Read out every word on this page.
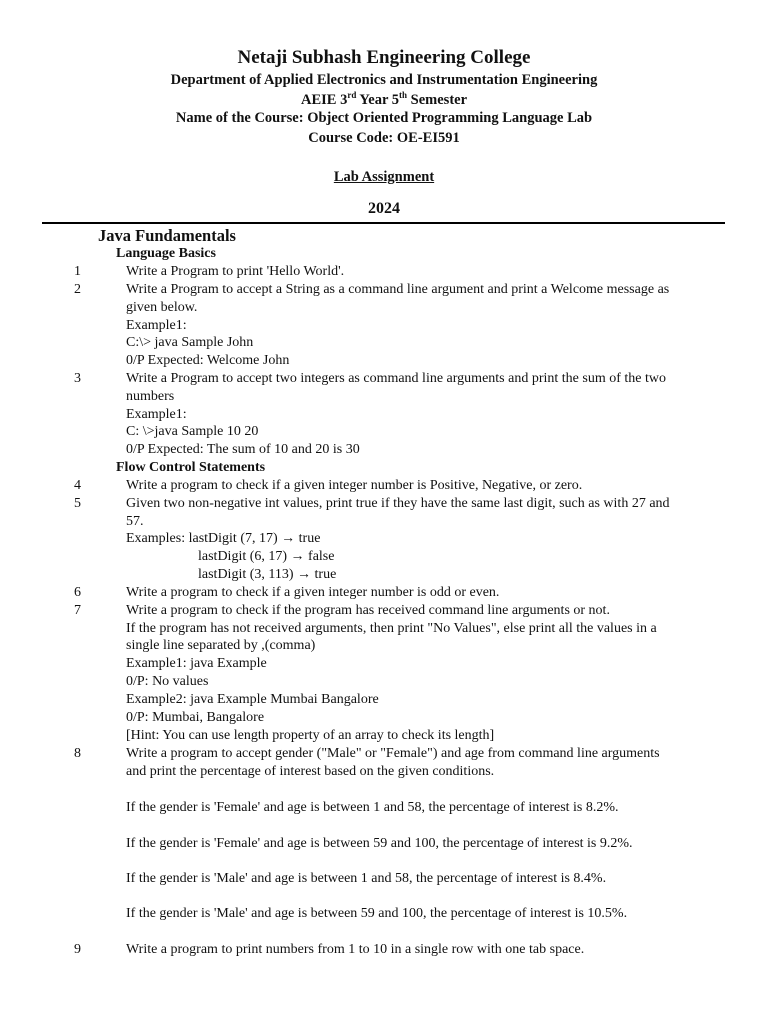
Netaji Subhash Engineering College
Department of Applied Electronics and Instrumentation Engineering
AEIE 3rd Year 5th Semester
Name of the Course: Object Oriented Programming Language Lab
Course Code: OE-EI591
Lab Assignment
2024
Java Fundamentals
Language Basics
1	Write a Program to print 'Hello World'.
2	Write a Program to accept a String as a command line argument and print a Welcome message as
given below.
Example1:
C:\> java Sample John
0/P Expected: Welcome John
3	Write a Program to accept two integers as command line arguments and print the sum of the two
numbers
Example1:
C: \>java Sample 10 20
0/P Expected: The sum of 10 and 20 is 30
Flow Control Statements
4	Write a program to check if a given integer number is Positive, Negative, or zero.
5	Given two non-negative int values, print true if they have the same last digit, such as with 27 and
57.
Examples: lastDigit (7, 17) → true
lastDigit (6, 17) → false
lastDigit (3, 113) → true
6	Write a program to check if a given integer number is odd or even.
7	Write a program to check if the program has received command line arguments or not.
If the program has not received arguments, then print "No Values", else print all the values in a
single line separated by ,(comma)
Example1: java Example
0/P: No values
Example2: java Example Mumbai Bangalore
0/P: Mumbai, Bangalore
[Hint: You can use length property of an array to check its length]
8	Write a program to accept gender ("Male" or "Female") and age from command line arguments
and print the percentage of interest based on the given conditions.
If the gender is 'Female' and age is between 1 and 58, the percentage of interest is 8.2%.
If the gender is 'Female' and age is between 59 and 100, the percentage of interest is 9.2%.
If the gender is 'Male' and age is between 1 and 58, the percentage of interest is 8.4%.
If the gender is 'Male' and age is between 59 and 100, the percentage of interest is 10.5%.
9	Write a program to print numbers from 1 to 10 in a single row with one tab space.
